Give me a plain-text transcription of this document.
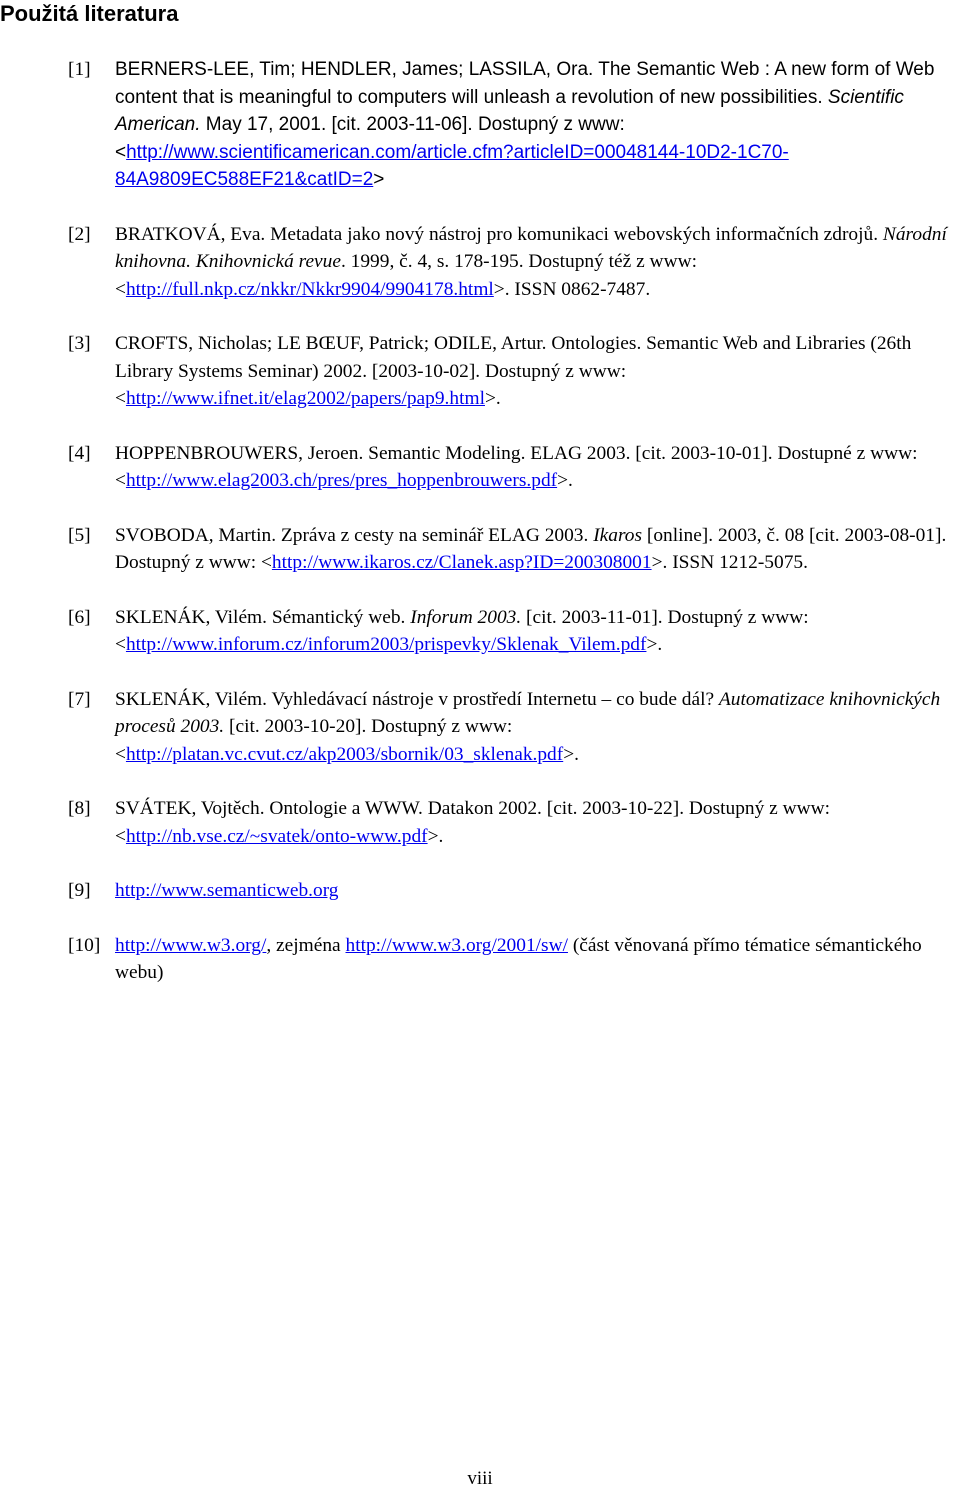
Použitá literatura
[1]	BERNERS-LEE, Tim; HENDLER, James; LASSILA, Ora. The Semantic Web : A new form of Web content that is meaningful to computers will unleash a revolution of new possibilities. Scientific American. May 17, 2001. [cit. 2003-11-06]. Dostupný z www: <http://www.scientificamerican.com/article.cfm?articleID=00048144-10D2-1C70-84A9809EC588EF21&catID=2>
[2]	BRATKOVÁ, Eva. Metadata jako nový nástroj pro komunikaci webovských informačních zdrojů. Národní knihovna. Knihovnická revue. 1999, č. 4, s. 178-195. Dostupný též z www: <http://full.nkp.cz/nkkr/Nkkr9904/9904178.html>. ISSN 0862-7487.
[3]	CROFTS, Nicholas; LE BŒUF, Patrick; ODILE, Artur. Ontologies. Semantic Web and Libraries (26th Library Systems Seminar) 2002. [2003-10-02]. Dostupný z www: <http://www.ifnet.it/elag2002/papers/pap9.html>.
[4]	HOPPENBROUWERS, Jeroen. Semantic Modeling. ELAG 2003. [cit. 2003-10-01]. Dostupné z www: <http://www.elag2003.ch/pres/pres_hoppenbrouwers.pdf>.
[5]	SVOBODA, Martin. Zpráva z cesty na seminář ELAG 2003. Ikaros [online]. 2003, č. 08 [cit. 2003-08-01]. Dostupný z www: <http://www.ikaros.cz/Clanek.asp?ID=200308001>. ISSN 1212-5075.
[6]	SKLENÁK, Vilém. Sémantický web. Inforum 2003. [cit. 2003-11-01]. Dostupný z www: <http://www.inforum.cz/inforum2003/prispevky/Sklenak_Vilem.pdf>.
[7]	SKLENÁK, Vilém. Vyhledávací nástroje v prostředí Internetu – co bude dál? Automatizace knihovnických procesů 2003. [cit. 2003-10-20]. Dostupný z www: <http://platan.vc.cvut.cz/akp2003/sbornik/03_sklenak.pdf>.
[8]	SVÁTEK, Vojtěch. Ontologie a WWW. Datakon 2002. [cit. 2003-10-22]. Dostupný z www: <http://nb.vse.cz/~svatek/onto-www.pdf>.
[9]	http://www.semanticweb.org
[10] http://www.w3.org/, zejména http://www.w3.org/2001/sw/ (část věnovaná přímo tématice sémantického webu)
viii
